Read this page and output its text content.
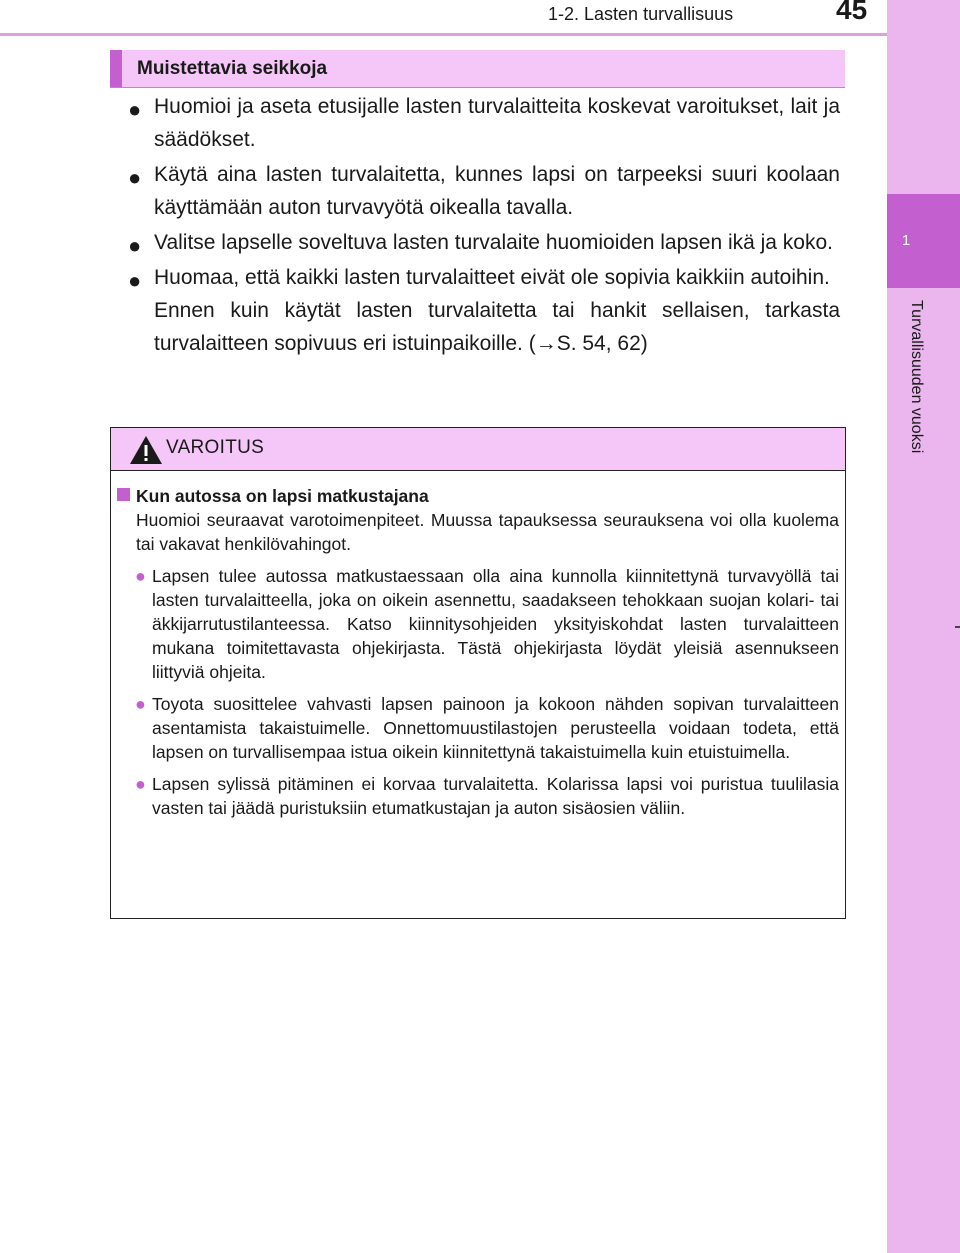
1
Turvallisuuden vuoksi
1-2. Lasten turvallisuus	45
Muistettavia seikkoja
● Huomioi ja aseta etusijalle lasten turvalaitteita koskevat varoitukset, lait ja säädökset.
● Käytä aina lasten turvalaitetta, kunnes lapsi on tarpeeksi suuri koolaan käyttämään auton turvavyötä oikealla tavalla.
● Valitse lapselle soveltuva lasten turvalaite huomioiden lapsen ikä ja koko.
● Huomaa, että kaikki lasten turvalaitteet eivät ole sopivia kaikkiin autoihin.
Ennen kuin käytät lasten turvalaitetta tai hankit sellaisen, tarkasta turvalaitteen sopivuus eri istuinpaikoille. (→S. 54, 62)
VAROITUS
Kun autossa on lapsi matkustajana
Huomioi seuraavat varotoimenpiteet. Muussa tapauksessa seurauksena voi olla kuolema tai vakavat henkilövahingot.
● Lapsen tulee autossa matkustaessaan olla aina kunnolla kiinnitettynä turvavyöllä tai lasten turvalaitteella, joka on oikein asennettu, saadakseen tehokkaan suojan kolari- tai äkkijarrutustilanteessa. Katso kiinnitysohjeiden yksityiskohdat lasten turvalaitteen mukana toimitettavasta ohjekirjasta. Tästä ohjekirjasta löydät yleisiä asennukseen liittyviä ohjeita.
● Toyota suosittelee vahvasti lapsen painoon ja kokoon nähden sopivan turvalaitteen asentamista takaistuimelle. Onnettomuustilastojen perusteella voidaan todeta, että lapsen on turvallisempaa istua oikein kiinnitettynä takaistuimella kuin etuistuimella.
● Lapsen sylissä pitäminen ei korvaa turvalaitetta. Kolarissa lapsi voi puristua tuulilasia vasten tai jäädä puristuksiin etumatkustajan ja auton sisäosien väliin.
